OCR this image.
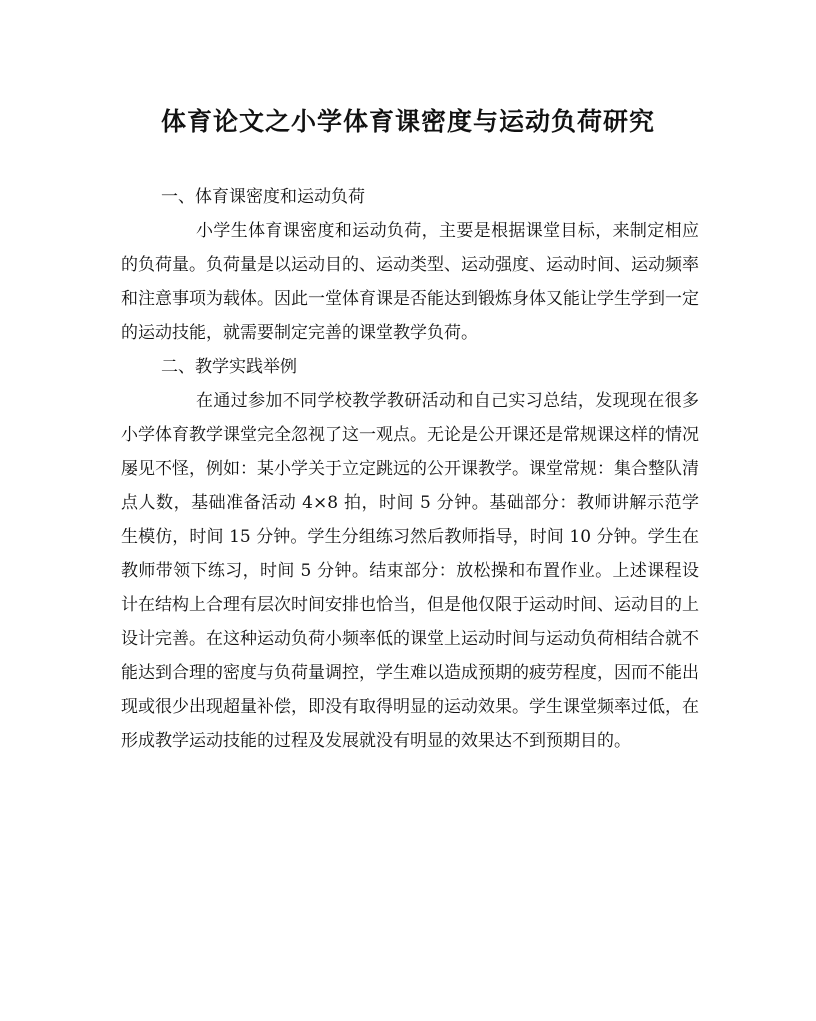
体育论文之小学体育课密度与运动负荷研究

一、体育课密度和运动负荷

小学生体育课密度和运动负荷，主要是根据课堂目标，来制定相应的负荷量。负荷量是以运动目的、运动类型、运动强度、运动时间、运动频率和注意事项为载体。因此一堂体育课是否能达到锻炼身体又能让学生学到一定的运动技能，就需要制定完善的课堂教学负荷。

二、教学实践举例

在通过参加不同学校教学教研活动和自己实习总结，发现现在很多小学体育教学课堂完全忽视了这一观点。无论是公开课还是常规课这样的情况屡见不怪，例如：某小学关于立定跳远的公开课教学。课堂常规：集合整队清点人数，基础准备活动 4×8 拍，时间 5 分钟。基础部分：教师讲解示范学生模仿，时间 15 分钟。学生分组练习然后教师指导，时间 10 分钟。学生在教师带领下练习，时间 5 分钟。结束部分：放松操和布置作业。上述课程设计在结构上合理有层次时间安排也恰当，但是他仅限于运动时间、运动目的上设计完善。在这种运动负荷小频率低的课堂上运动时间与运动负荷相结合就不能达到合理的密度与负荷量调控，学生难以造成预期的疲劳程度，因而不能出现或很少出现超量补偿，即没有取得明显的运动效果。学生课堂频率过低，在形成教学运动技能的过程及发展就没有明显的效果达不到预期目的。
